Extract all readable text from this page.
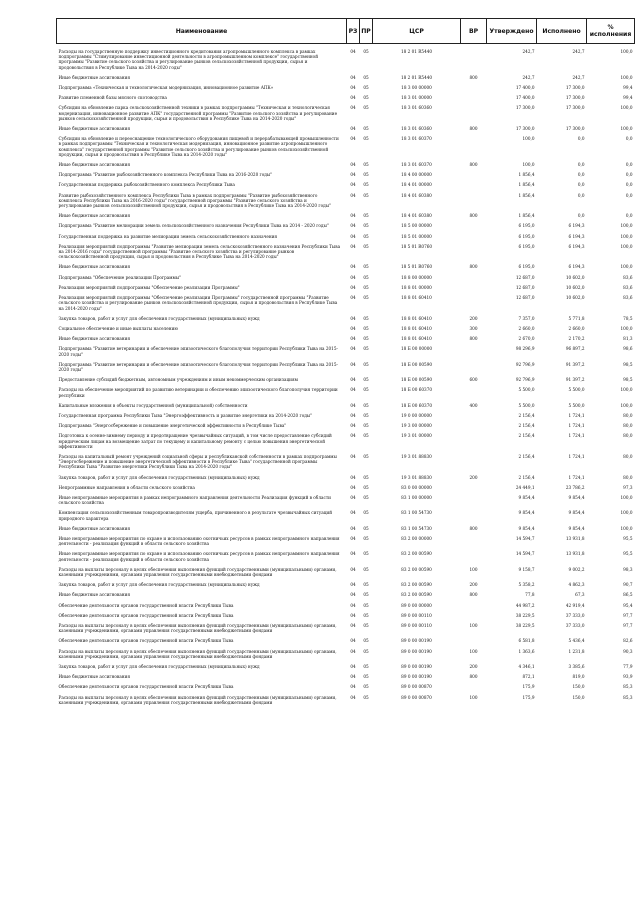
Наименование	РЗ	ПР	ЦСР	ВР	Утверждено	Исполнено	%
исполнения

Расходы на государственную поддержку инвестиционного кредитования агропромышленного комплекса в рамках подпрограммы "Стимулирование инвестиционной деятельности в агропромышленном комплексе" государственной программы "Развитие сельского хозяйства и регулирование рынков сельскохозяйственной продукции, сырья и продовольствия в Республике Тыва на 2014-2020 годы"	04	05	18 2 01 R5440		242,7	242,7	100,0
Иные бюджетные ассигнования	04	05	18 2 01 R5440	800	242,7	242,7	100,0
Подпрограмма «Техническая и технологическая модернизация, инновационное развитие АПК»	04	05	18 3 00 00000		17 400,0	17 300,0	99,4
Развитие племенной базы мясного скотоводства	04	05	18 3 01 00000		17 400,0	17 300,0	99,4
Субсидии на обновление парка сельскохозяйственной техники в рамках подпрограммы "Техническая и технологическая модернизация, инновационное развитие АПК" государственной программы "Развитие сельского хозяйства и регулирование рынков сельскохозяйственной продукции, сырья и продовольствия в Республике Тыва на 2014-2020 годы"	04	05	18 3 01 60360		17 300,0	17 300,0	100,0
Иные бюджетные ассигнования	04	05	18 3 01 60360	800	17 300,0	17 300,0	100,0
Субсидии на обновление и переоснащение технологического оборудования пищевой и перерабатывающей промышленности в рамках подпрограммы "Техническая и технологическая модернизация, инновационное развитие агропромышленного комплекса" государственной программы "Развитие сельского хозяйства и регулирование рынков сельскохозяйственной продукции, сырья и продовольствия в Республике Тыва на 2014-2020 годы"	04	05	18 3 01 60370		100,0	0,0	0,0
Иные бюджетные ассигнования	04	05	18 3 01 60370	800	100,0	0,0	0,0
Подпрограмма "Развитие рыбохозяйственного комплекса Республики Тыва на 2016-2020 годы"	04	05	18 4 00 00000		1 856,4	0,0	0,0
Государственная поддержка рыбохозяйственного комплекса Республики Тыва	04	05	18 4 01 00000		1 856,4	0,0	0,0
Развитие рыбохозяйственного комплекса Республики Тыва в рамках подпрограммы "Развитие рыбохозяйственного комплекса Республики Тыва на 2016-2020 годы" государственной программы "Развитие сельского хозяйства и регулирование рынков сельскохозяйственной продукции, сырья и продовольствия в Республике Тыва на 2014-2020 годы"	04	05	18 4 01 60380		1 856,4	0,0	0,0
Иные бюджетные ассигнования	04	05	18 4 01 60380	800	1 856,4	0,0	0,0
Подпрограмма "Развитие мелиорации земель сельскохозяйственного назначения Республики Тыва на 2014 - 2020 годы"	04	05	18 5 00 00000		6 195,0	6 194,3	100,0
Государственная поддержка на развитие мелиорации земель сельскохозяйственного назначения	04	05	18 5 01 00000		6 195,0	6 194,3	100,0
Реализация мероприятий подпрограммы "Развитие мелиорации земель сельскохозяйственного назначения Республики Тыва на 2014-2016 годы" государственной программы "Развитие сельского хозяйства и регулирование рынков сельскохозяйственной продукции, сырья и продовольствия в Республике Тыва на 2014-2020 годы"	04	05	18 5 01 R0760		6 195,0	6 194,3	100,0
Иные бюджетные ассигнования	04	05	18 5 01 R0760	800	6 195,0	6 194,3	100,0
Подпрограмма "Обеспечение реализации Программы"	04	05	18 8 00 00000		12 687,0	10 602,0	83,6
Реализация мероприятий подпрограммы "Обеспечение реализации Программы"	04	05	18 8 01 00000		12 687,0	10 602,0	83,6
Реализация мероприятий подпрограммы "Обеспечение реализации Программы" государственной программы "Развитие сельского хозяйства и регулирование рынков сельскохозяйственной продукции, сырья и продовольствия в Республике Тыва на 2014-2020 годы"	04	05	18 8 01 60410		12 687,0	10 602,0	83,6
Закупка товаров, работ и услуг для обеспечения государственных (муниципальных) нужд	04	05	18 8 01 60410	200	7 357,0	5 771,8	78,5
Социальное обеспечение и иные выплаты населению	04	05	18 8 01 60410	300	2 660,0	2 660,0	100,0
Иные бюджетные ассигнования	04	05	18 8 01 60410	800	2 670,0	2 170,2	81,3
Подпрограмма "Развитие ветеринарии и обеспечение эпизоотического благополучия территории Республики Тыва на 2015-2020 годы"	04	05	18 Б 00 00000		98 296,9	96 897,2	98,6
Подпрограмма "Развитие ветеринарии и обеспечение эпизоотического благополучия территории Республики Тыва на 2015-2020 годы"	04	05	18 Б 00 00590		92 796,9	91 397,2	98,5
Предоставление субсидий бюджетным, автономным учреждениям и иным некоммерческим организациям	04	05	18 Б 00 00590	600	92 796,9	91 397,2	98,5
Расходы на обеспечение мероприятий по развитию ветеринарии и обеспечению эпизоотического благополучия территории республики	04	05	18 Б 00 60370		5 500,0	5 500,0	100,0
Капитальные вложения в объекты государственной (муниципальной) собственности	04	05	18 Б 00 60370	400	5 500,0	5 500,0	100,0
Государственная программа Республики Тыва "Энергоэффективность и развитие энергетики на 2014-2020 годы"	04	05	19 0 00 00000		2 156,4	1 724,1	80,0
Подпрограмма "Энергосбережение и повышение энергетической эффективности в Республике Тыва"	04	05	19 3 00 00000		2 156,4	1 724,1	80,0
Подготовка к осенне-зимнему периоду и предотвращение чрезвычайных ситуаций, в том числе предоставление субсидий юридическим лицам на возмещение затрат по текущему и капитальному ремонту с целью повышения энергетической эффективности	04	05	19 3 01 00000		2 156,4	1 724,1	80,0
Расходы на капитальный ремонт учреждений социальной сферы и республиканской собственности в рамках подпрограммы "Энергосбережение и повышение энергетической эффективности в Республике Тыва" государственной программы Республики Тыва "Развитие энергетики Республики Тыва на 2014-2020 годы"	04	05	19 3 01 88830		2 156,4	1 724,1	80,0
Закупка товаров, работ и услуг для обеспечения государственных (муниципальных) нужд	04	05	19 3 01 88830	200	2 156,4	1 724,1	80,0
Непрограммные направления в области сельского хозяйства	04	05	83 0 00 00000		24 449,1	23 786,2	97,3
Иные непрограммные мероприятия в рамках непрограммного направления деятельности Реализация функций в области сельского хозяйства	04	05	83 1 00 00000		9 854,4	9 854,4	100,0
Компенсация сельскохозяйственным товаропроизводителям ущерба, причиненного в результате чрезвычайных ситуаций природного характера	04	05	83 1 00 54730		9 854,4	9 854,4	100,0
Иные бюджетные ассигнования	04	05	83 1 00 54730	800	9 854,4	9 854,4	100,0
Иные непрограммные мероприятия по охране и использованию охотничьих ресурсов в рамках непрограммного направления деятельности - реализация функций в области сельского хозяйства	04	05	83 2 00 00000		14 594,7	13 931,8	95,5
Иные непрограммные мероприятия по охране и использованию охотничьих ресурсов в рамках непрограммного направления деятельности - реализация функций в области сельского хозяйства	04	05	83 2 00 00590		14 594,7	13 931,8	95,5
Расходы на выплаты персоналу в целях обеспечения выполнения функций государственными (муниципальными) органами, казенными учреждениями, органами управления государственными внебюджетными фондами	04	05	83 2 00 00590	100	9 158,7	9 002,2	98,3
Закупка товаров, работ и услуг для обеспечения государственных (муниципальных) нужд	04	05	83 2 00 00590	200	5 358,2	4 862,3	90,7
Иные бюджетные ассигнования	04	05	83 2 00 00590	800	77,8	67,3	86,5
Обеспечение деятельности органов государственной власти Республики Тыва	04	05	89 0 00 00000		44 987,2	42 919,4	95,4
Обеспечение деятельности органов государственной власти Республики Тыва	04	05	89 0 00 00110		38 229,5	37 333,0	97,7
Расходы на выплаты персоналу в целях обеспечения выполнения функций государственными (муниципальными) органами, казенными учреждениями, органами управления государственными внебюджетными фондами	04	05	89 0 00 00110	100	38 229,5	37 333,0	97,7
Обеспечение деятельности органов государственной власти Республики Тыва	04	05	89 0 00 00190		6 581,8	5 436,4	82,6
Расходы на выплаты персоналу в целях обеспечения выполнения функций государственными (муниципальными) органами, казенными учреждениями, органами управления государственными внебюджетными фондами	04	05	89 0 00 00190	100	1 363,6	1 231,8	90,3
Закупка товаров, работ и услуг для обеспечения государственных (муниципальных) нужд	04	05	89 0 00 00190	200	4 346,1	3 385,6	77,9
Иные бюджетные ассигнования	04	05	89 0 00 00190	800	872,1	819,0	93,9
Обеспечение деятельности органов государственной власти Республики Тыва	04	05	89 0 00 00870		175,9	150,0	85,3
Расходы на выплаты персоналу в целях обеспечения выполнения функций государственными (муниципальными) органами, казенными учреждениями, органами управления государственными внебюджетными фондами	04	05	89 0 00 00870	100	175,9	150,0	85,3
